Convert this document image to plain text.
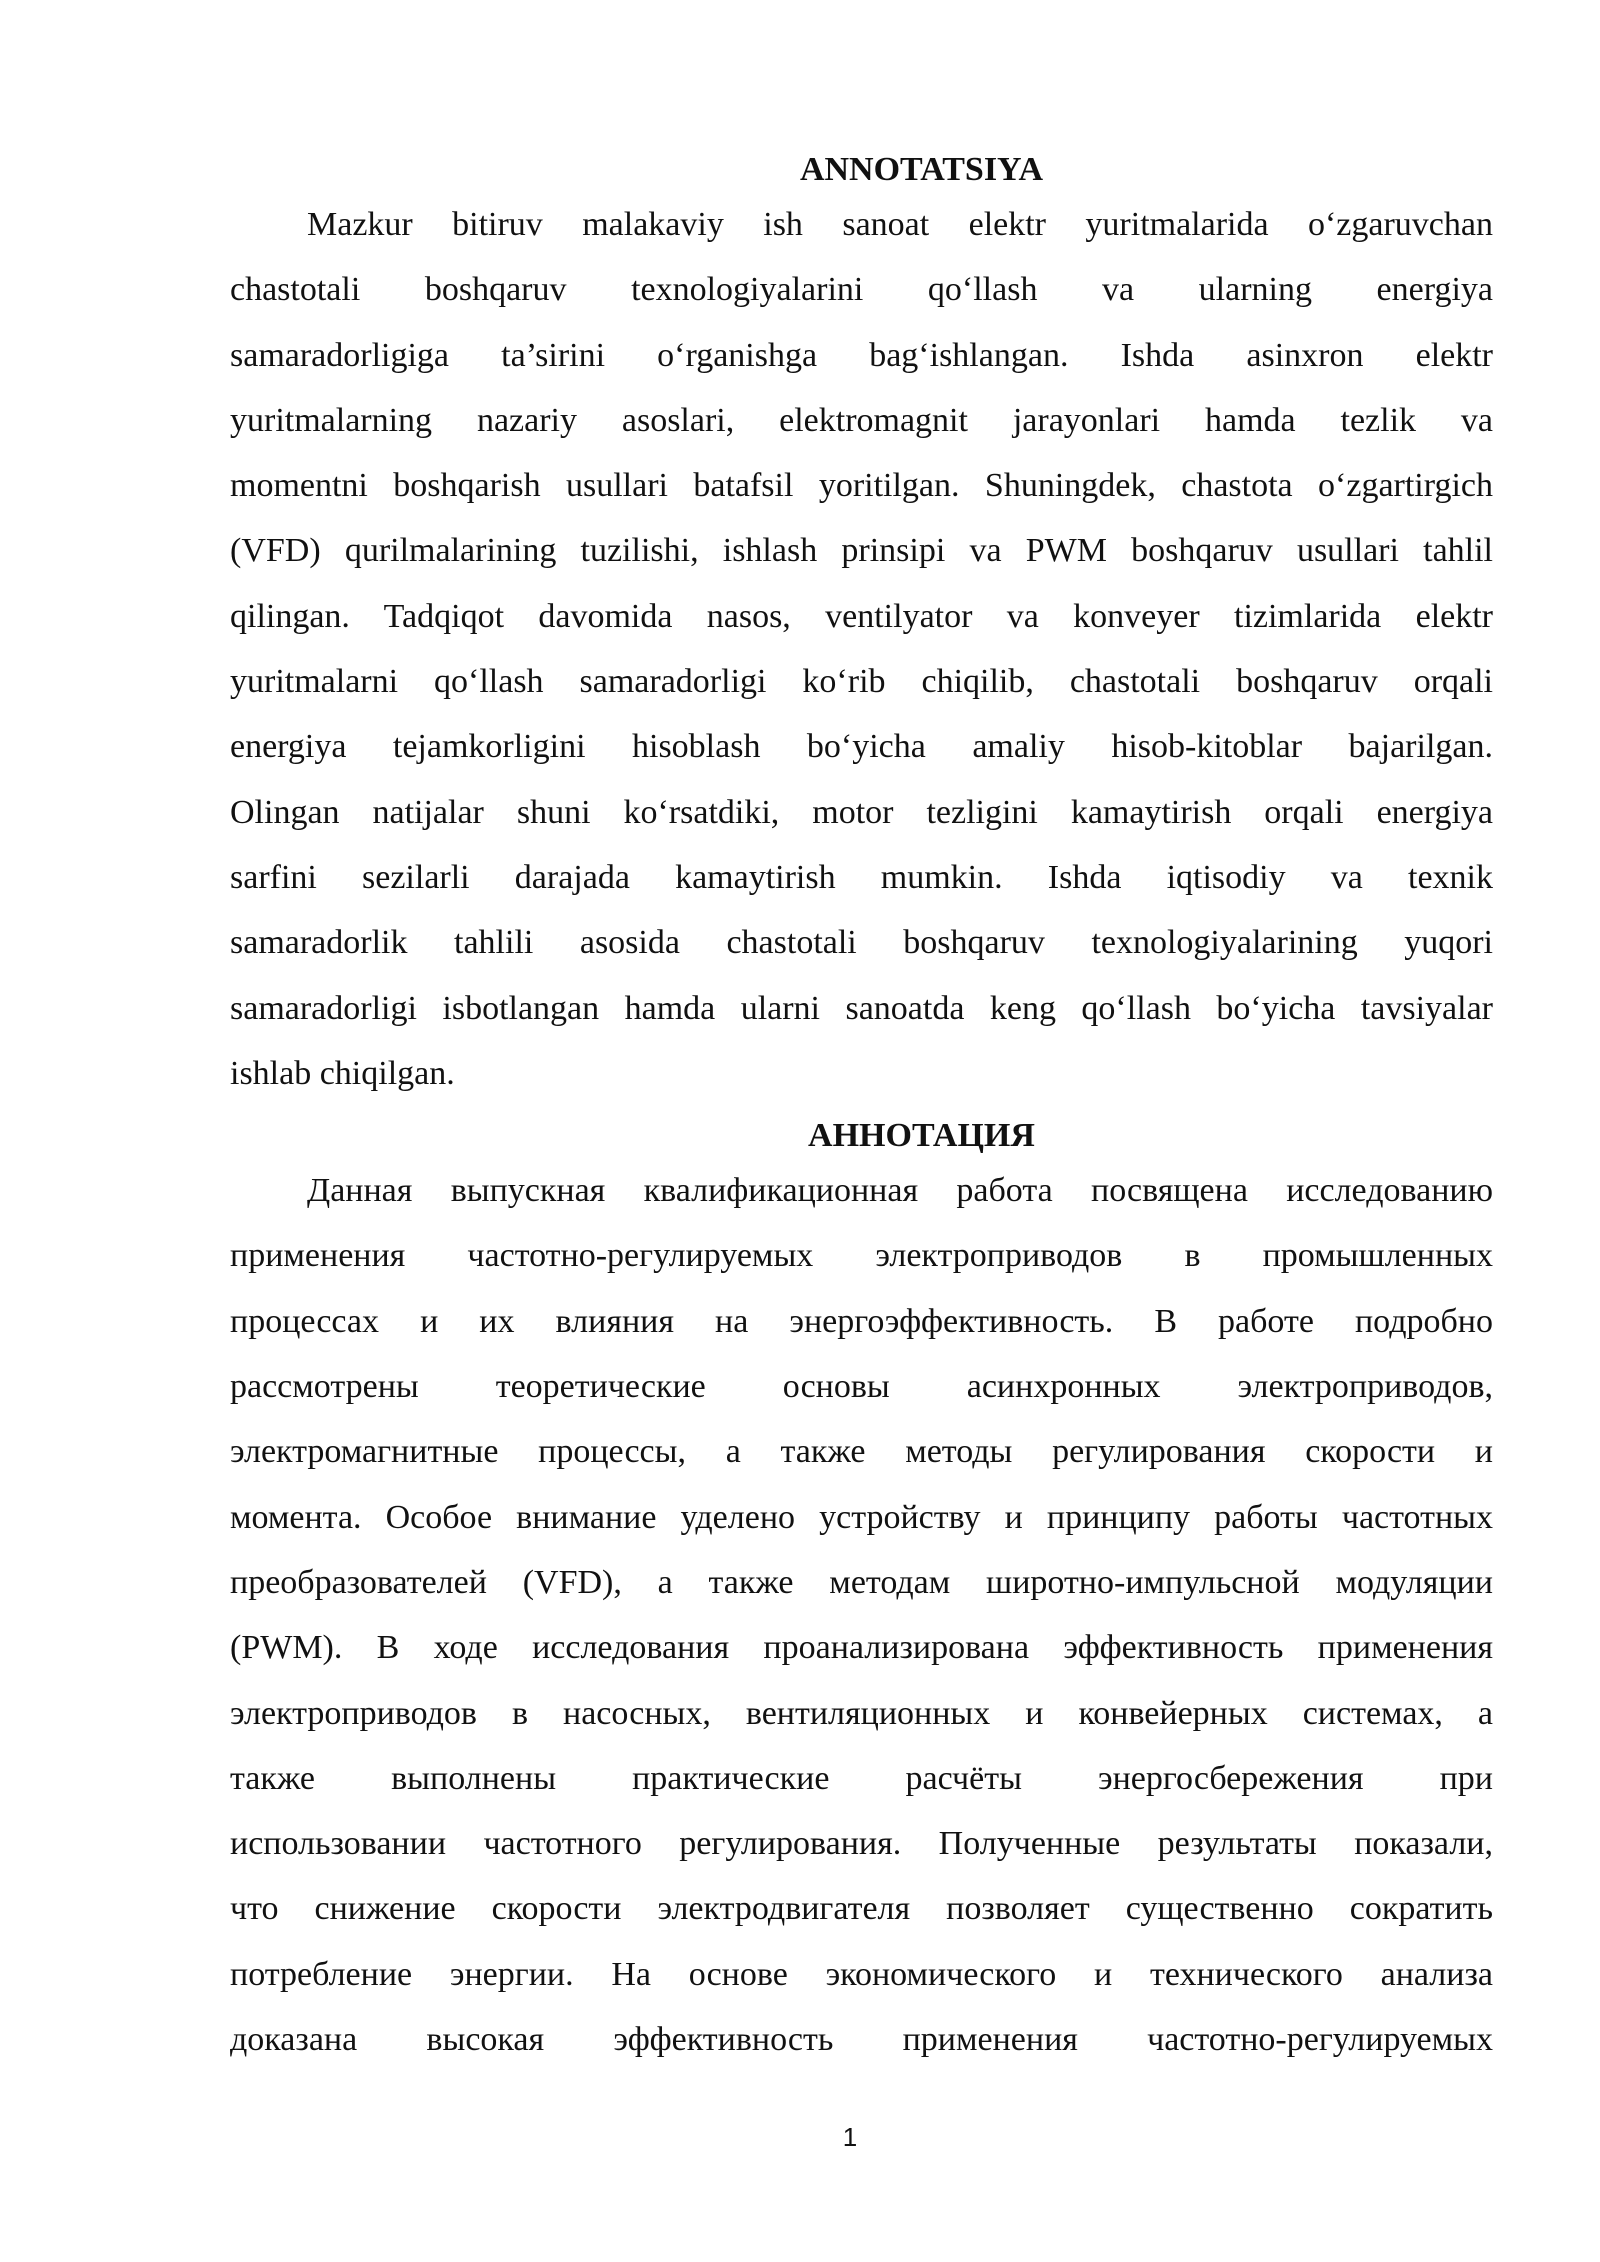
ANNOTATSIYA
Mazkur bitiruv malakaviy ish sanoat elektr yuritmalarida o‘zgaruvchan
chastotali boshqaruv texnologiyalarini qo‘llash va ularning energiya
samaradorligiga ta’sirini o‘rganishga bag‘ishlangan. Ishda asinxron elektr
yuritmalarning nazariy asoslari, elektromagnit jarayonlari hamda tezlik va
momentni boshqarish usullari batafsil yoritilgan. Shuningdek, chastota o‘zgartirgich
(VFD) qurilmalarining tuzilishi, ishlash prinsipi va PWM boshqaruv usullari tahlil
qilingan. Tadqiqot davomida nasos, ventilyator va konveyer tizimlarida elektr
yuritmalarni qo‘llash samaradorligi ko‘rib chiqilib, chastotali boshqaruv orqali
energiya tejamkorligini hisoblash bo‘yicha amaliy hisob-kitoblar bajarilgan.
Olingan natijalar shuni ko‘rsatdiki, motor tezligini kamaytirish orqali energiya
sarfini sezilarli darajada kamaytirish mumkin. Ishda iqtisodiy va texnik
samaradorlik tahlili asosida chastotali boshqaruv texnologiyalarining yuqori
samaradorligi isbotlangan hamda ularni sanoatda keng qo‘llash bo‘yicha tavsiyalar
ishlab chiqilgan.
АННОТАЦИЯ
Данная выпускная квалификационная работа посвящена исследованию
применения частотно-регулируемых электроприводов в промышленных
процессах и их влияния на энергоэффективность. В работе подробно
рассмотрены теоретические основы асинхронных электроприводов,
электромагнитные процессы, а также методы регулирования скорости и
момента. Особое внимание уделено устройству и принципу работы частотных
преобразователей (VFD), а также методам широтно-импульсной модуляции
(PWM). В ходе исследования проанализирована эффективность применения
электроприводов в насосных, вентиляционных и конвейерных системах, а
также выполнены практические расчёты энергосбережения при
использовании частотного регулирования. Полученные результаты показали,
что снижение скорости электродвигателя позволяет существенно сократить
потребление энергии. На основе экономического и технического анализа
доказана высокая эффективность применения частотно-регулируемых
1
